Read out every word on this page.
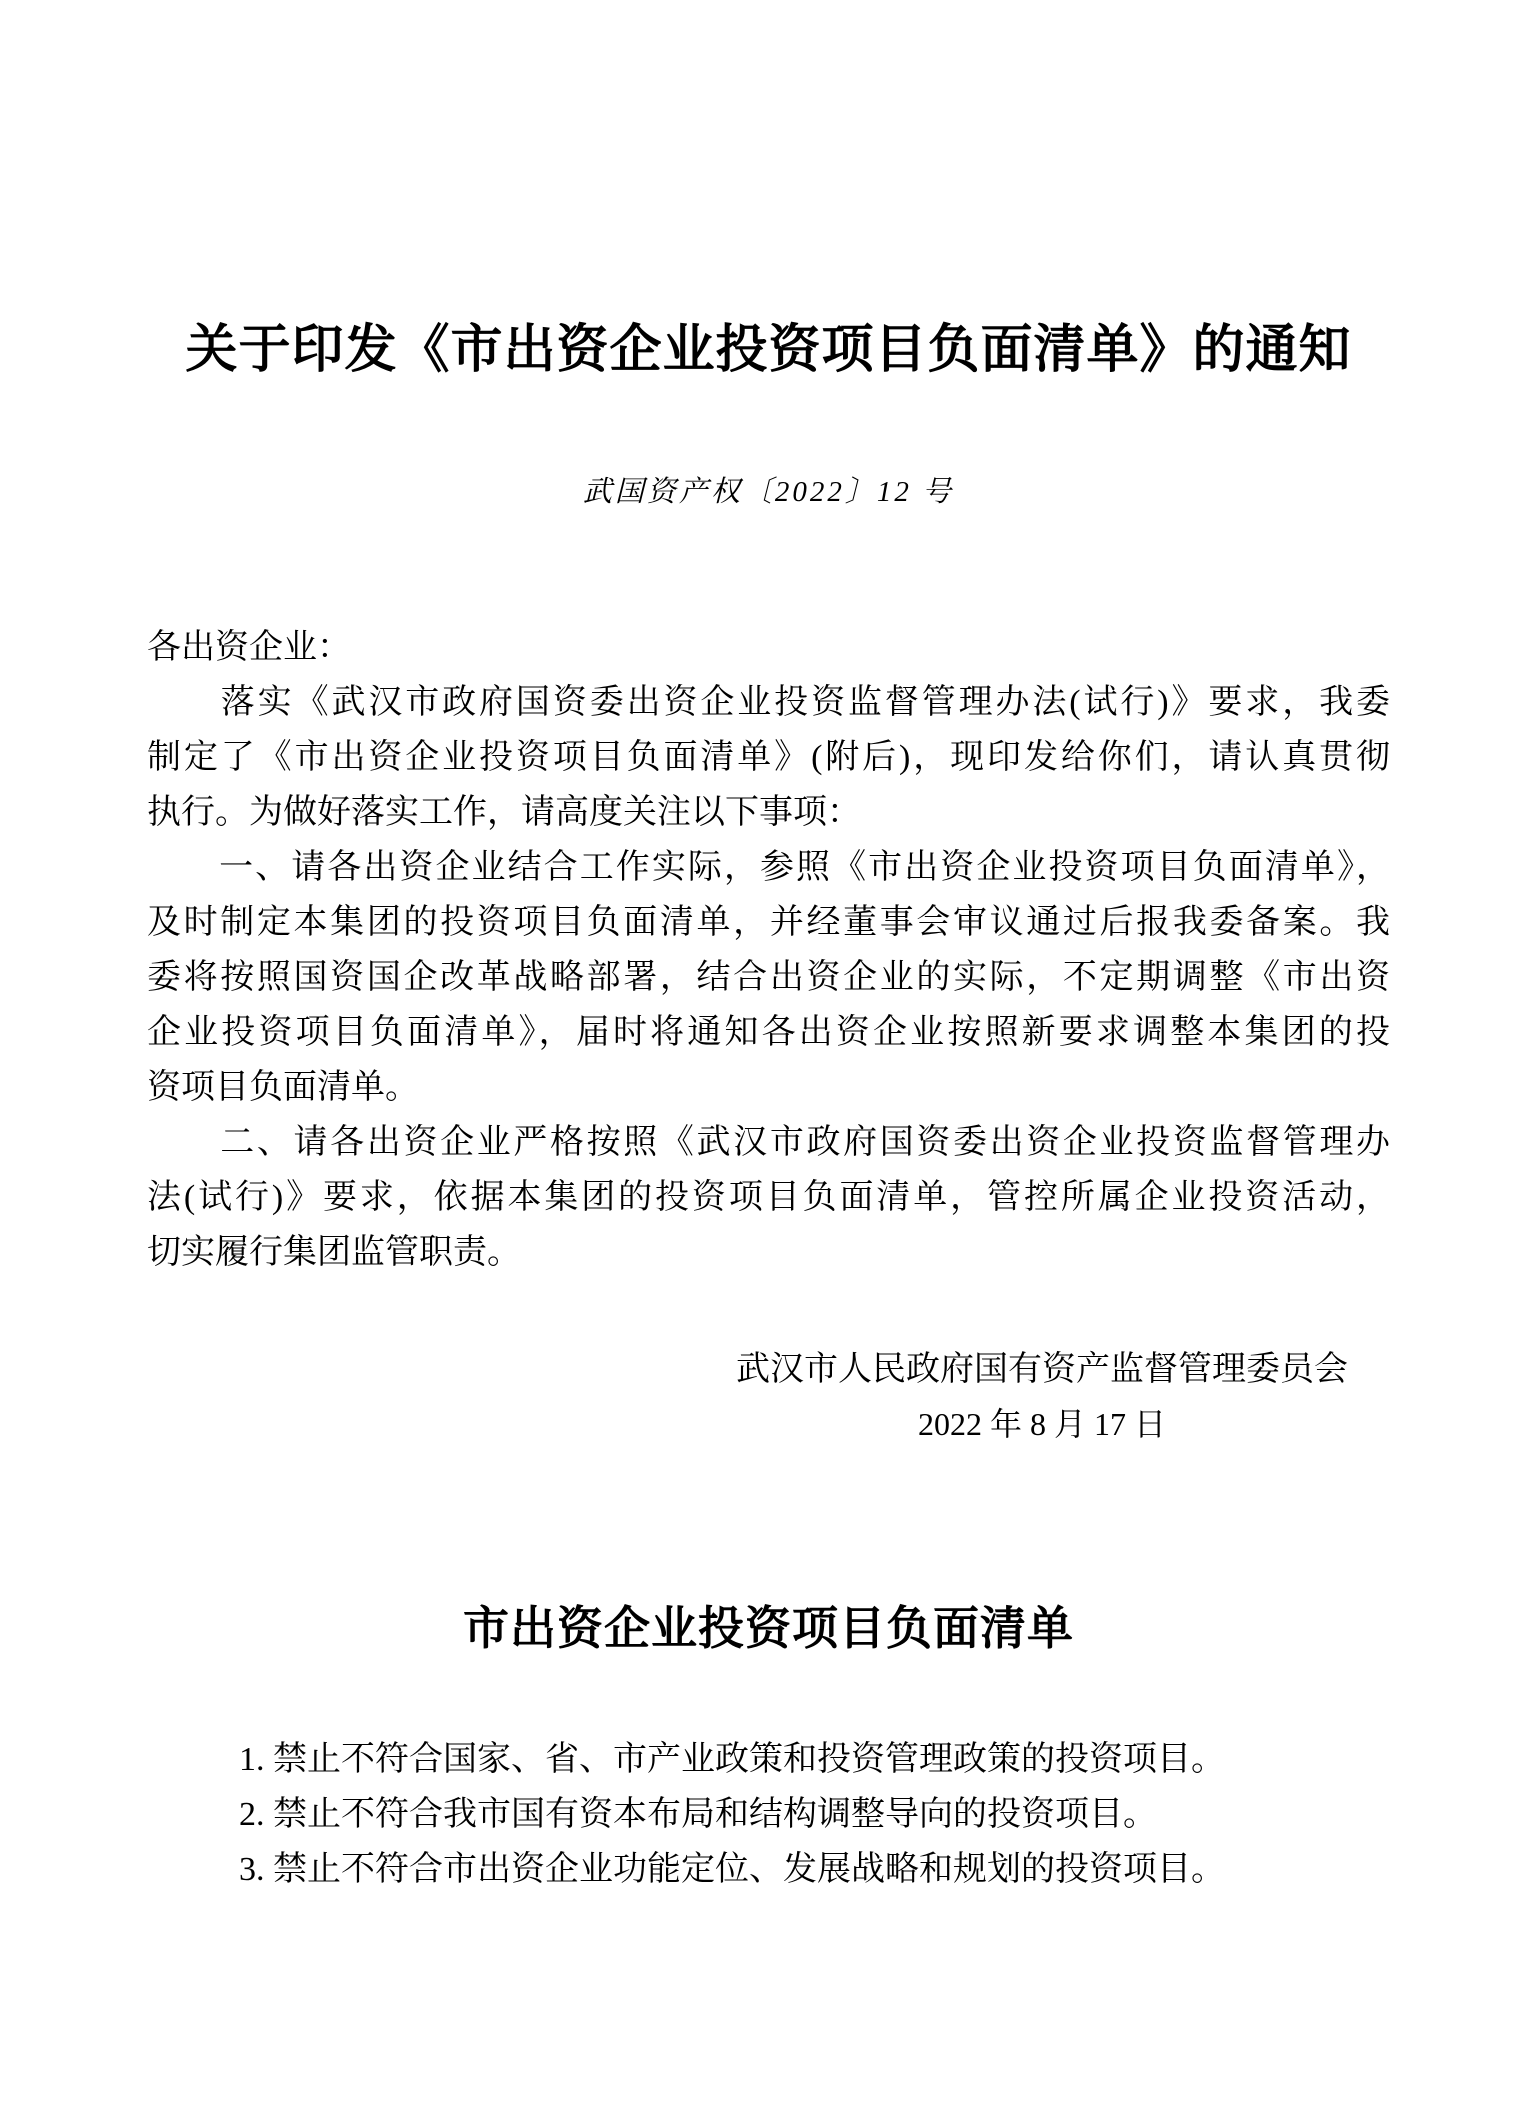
关于印发《市出资企业投资项目负面清单》的通知
武国资产权〔2022〕12 号
各出资企业：
　　落实《武汉市政府国资委出资企业投资监督管理办法(试行)》要求，我委
制定了《市出资企业投资项目负面清单》(附后)，现印发给你们，请认真贯彻
执行。为做好落实工作，请高度关注以下事项：
　　一、请各出资企业结合工作实际，参照《市出资企业投资项目负面清单》，
及时制定本集团的投资项目负面清单，并经董事会审议通过后报我委备案。我
委将按照国资国企改革战略部署，结合出资企业的实际，不定期调整《市出资
企业投资项目负面清单》，届时将通知各出资企业按照新要求调整本集团的投
资项目负面清单。
　　二、请各出资企业严格按照《武汉市政府国资委出资企业投资监督管理办
法(试行)》要求，依据本集团的投资项目负面清单，管控所属企业投资活动，
切实履行集团监管职责。
武汉市人民政府国有资产监督管理委员会
2022 年 8 月 17 日
市出资企业投资项目负面清单
1. 禁止不符合国家、省、市产业政策和投资管理政策的投资项目。
2. 禁止不符合我市国有资本布局和结构调整导向的投资项目。
3. 禁止不符合市出资企业功能定位、发展战略和规划的投资项目。
